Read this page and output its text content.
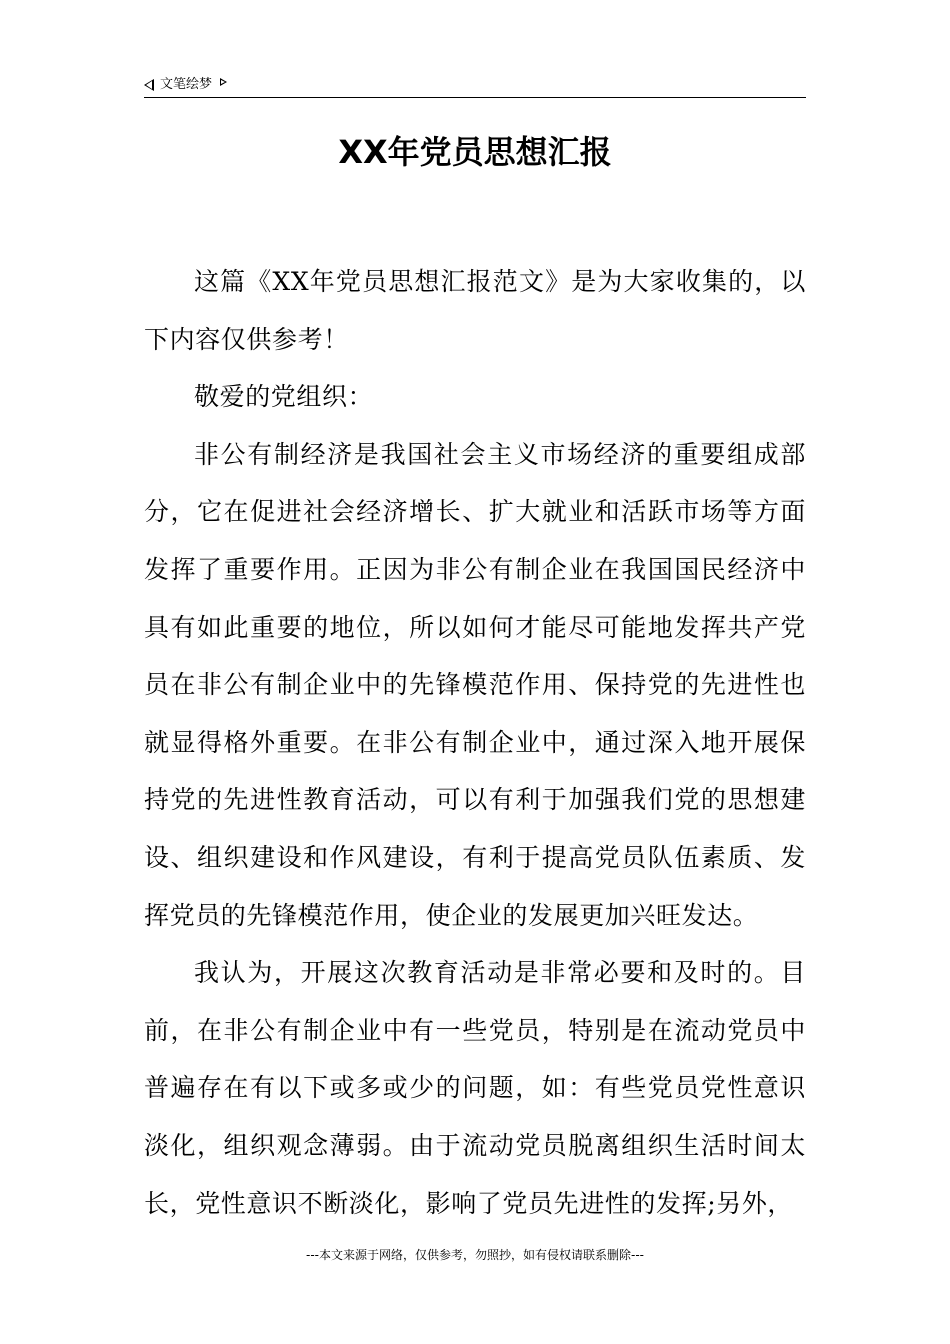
文笔绘梦
XX年党员思想汇报

这篇《XX年党员思想汇报范文》是为大家收集的，以下内容仅供参考！

敬爱的党组织：

非公有制经济是我国社会主义市场经济的重要组成部分，它在促进社会经济增长、扩大就业和活跃市场等方面发挥了重要作用。正因为非公有制企业在我国国民经济中具有如此重要的地位，所以如何才能尽可能地发挥共产党员在非公有制企业中的先锋模范作用、保持党的先进性也就显得格外重要。在非公有制企业中，通过深入地开展保持党的先进性教育活动，可以有利于加强我们党的思想建设、组织建设和作风建设，有利于提高党员队伍素质、发挥党员的先锋模范作用，使企业的发展更加兴旺发达。

我认为，开展这次教育活动是非常必要和及时的。目前，在非公有制企业中有一些党员，特别是在流动党员中普遍存在有以下或多或少的问题，如：有些党员党性意识淡化，组织观念薄弱。由于流动党员脱离组织生活时间太长，党性意识不断淡化，影响了党员先进性的发挥;另外，

---本文来源于网络，仅供参考，勿照抄，如有侵权请联系删除---
